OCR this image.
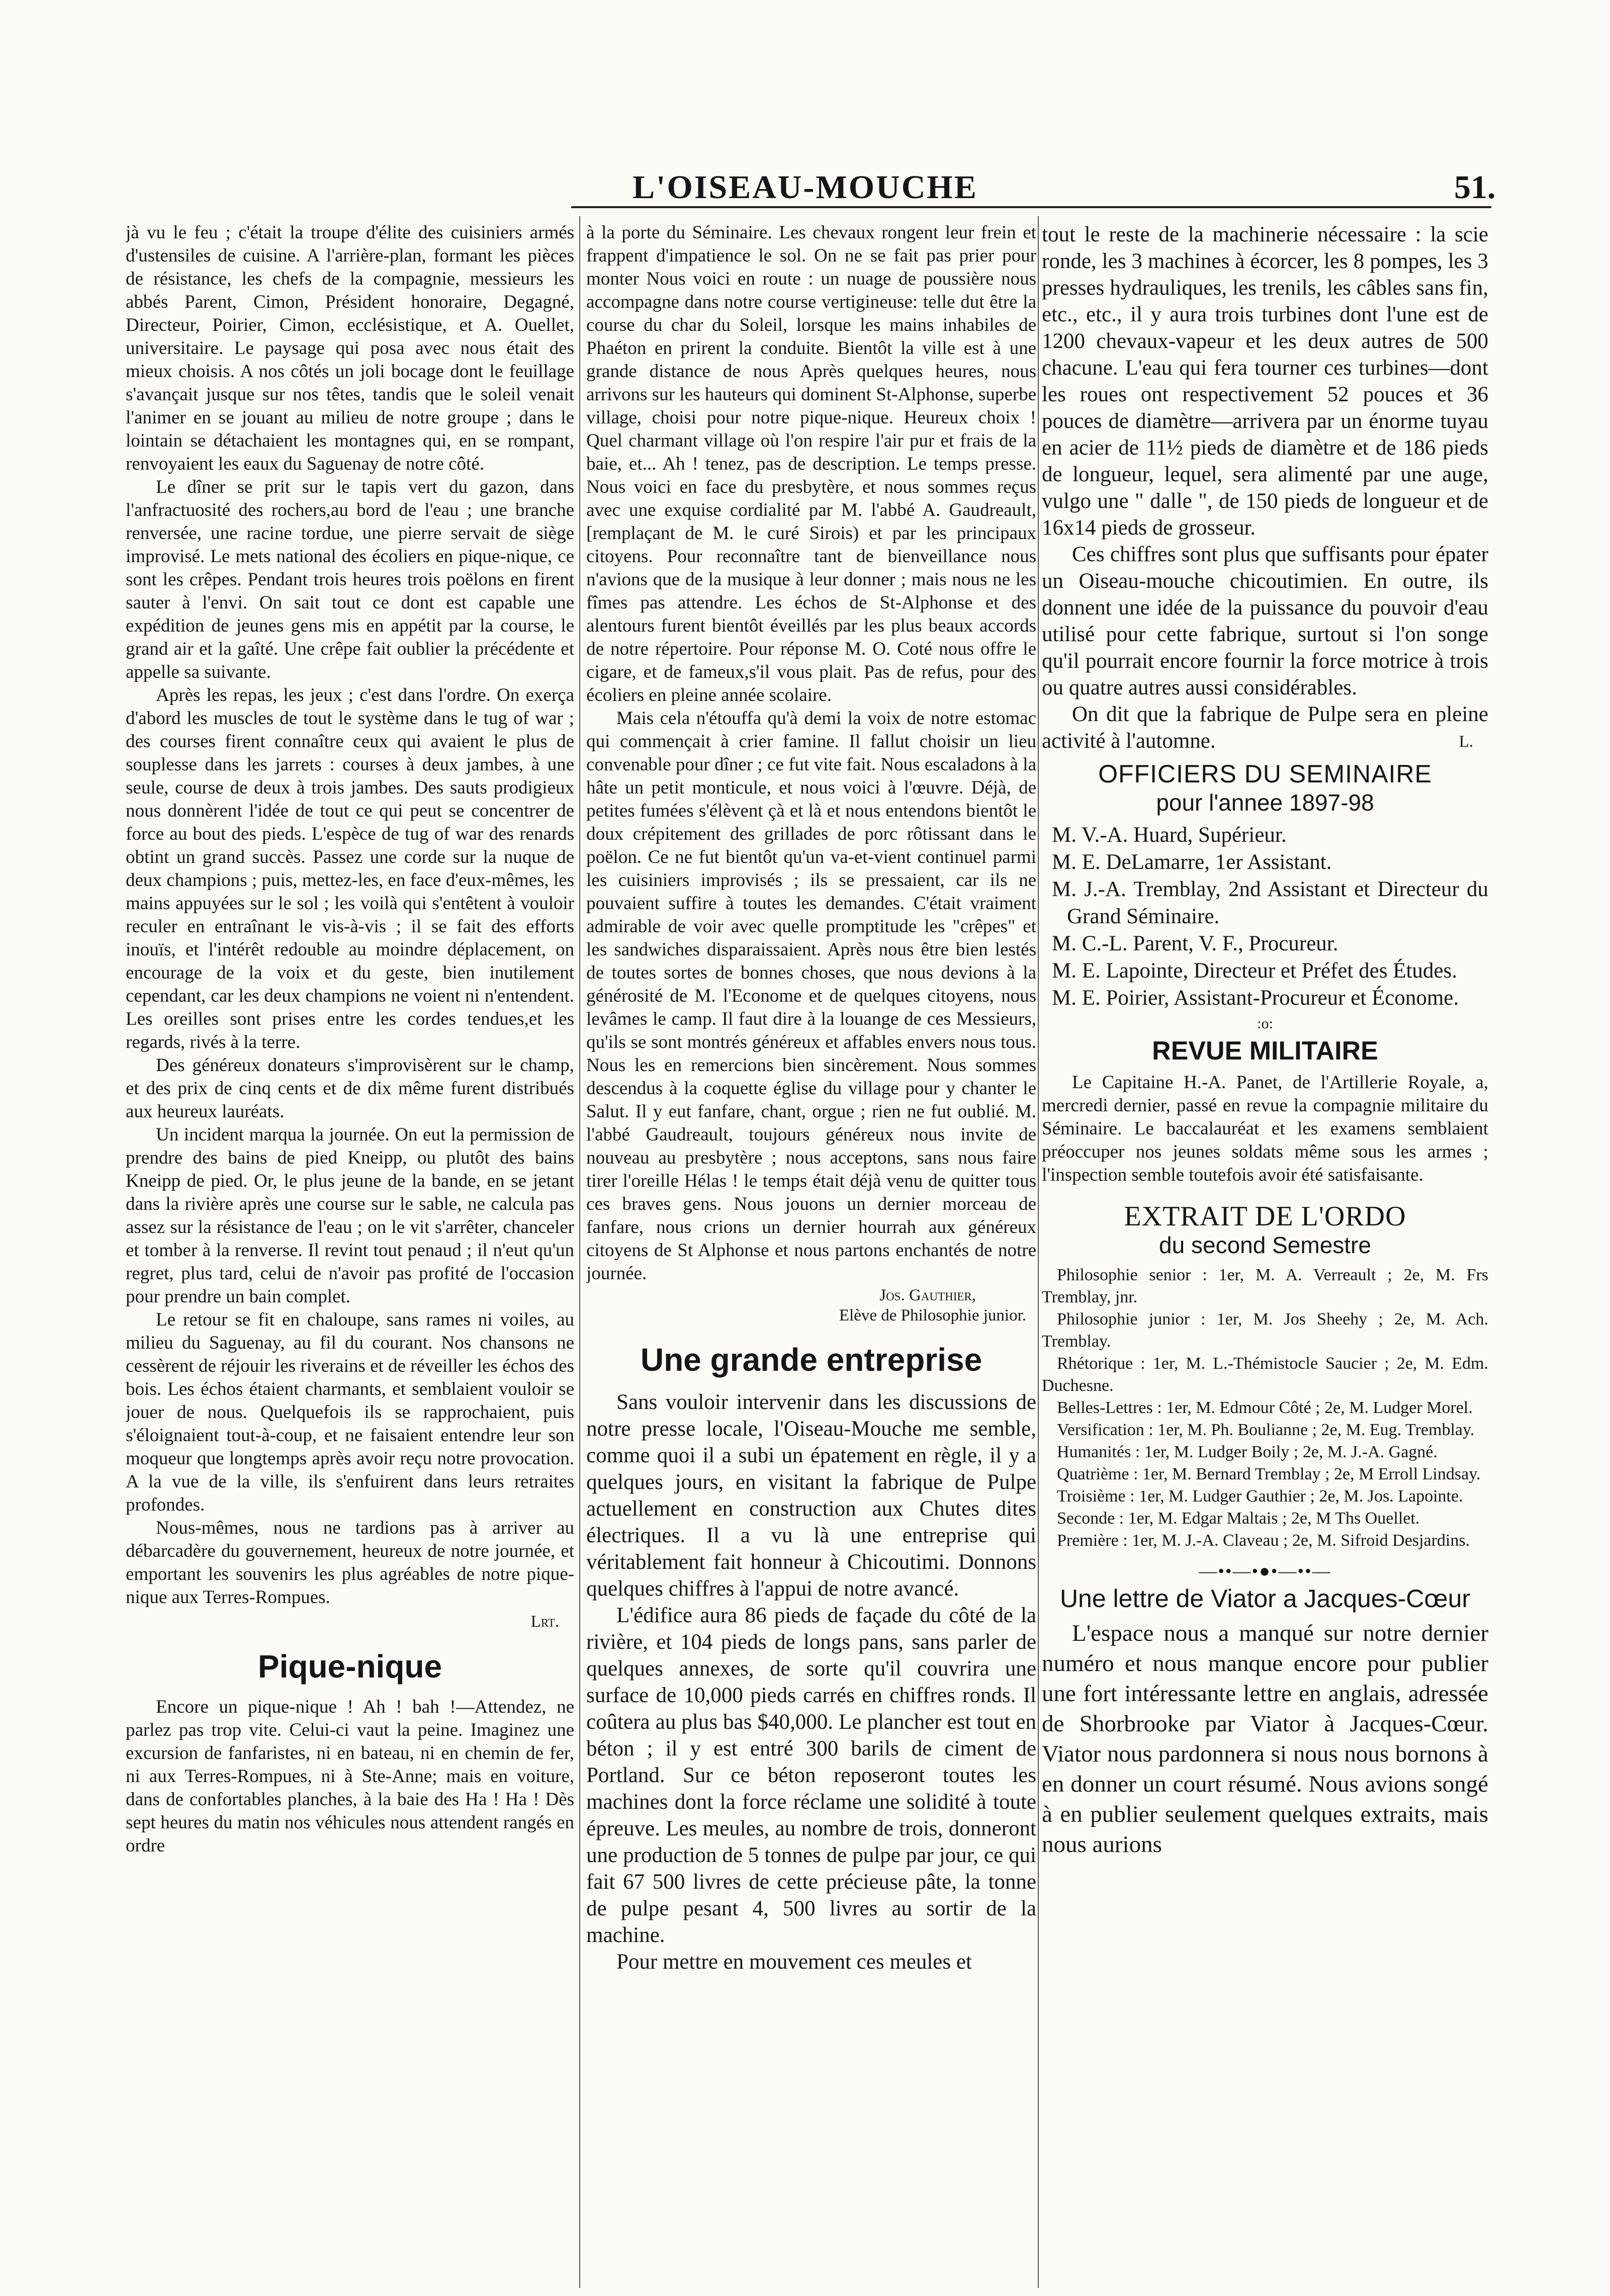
L'OISEAU-MOUCHE	51.

jà vu le feu ; c'était la troupe d'élite des cuisiniers armés d'ustensiles de cuisine. A l'arrière-plan, formant les pièces de résistance, les chefs de la compagnie, messieurs les abbés Parent, Cimon, Président honoraire, Degagné, Directeur, Poirier, Cimon, ecclésistique, et A. Ouellet, universitaire. Le paysage qui posa avec nous était des mieux choisis. A nos côtés un joli bocage dont le feuillage s'avançait jusque sur nos têtes, tandis que le soleil venait l'animer en se jouant au milieu de notre groupe ; dans le lointain se détachaient les montagnes qui, en se rompant, renvoyaient les eaux du Saguenay de notre côté.

Le dîner se prit sur le tapis vert du gazon, dans l'anfractuosité des rochers,au bord de l'eau ; une branche renversée, une racine tordue, une pierre servait de siège improvisé. Le mets national des écoliers en pique-nique, ce sont les crêpes. Pendant trois heures trois poëlons en firent sauter à l'envi. On sait tout ce dont est capable une expédition de jeunes gens mis en appétit par la course, le grand air et la gaîté. Une crêpe fait oublier la précédente et appelle sa suivante.

Après les repas, les jeux ; c'est dans l'ordre. On exerça d'abord les muscles de tout le système dans le tug of war ; des courses firent connaître ceux qui avaient le plus de souplesse dans les jarrets : courses à deux jambes, à une seule, course de deux à trois jambes. Des sauts prodigieux nous donnèrent l'idée de tout ce qui peut se concentrer de force au bout des pieds. L'espèce de tug of war des renards obtint un grand succès. Passez une corde sur la nuque de deux champions ; puis, mettez-les, en face d'eux-mêmes, les mains appuyées sur le sol ; les voilà qui s'entêtent à vouloir reculer en entraînant le vis-à-vis ; il se fait des efforts inouïs, et l'intérêt redouble au moindre déplacement, on encourage de la voix et du geste, bien inutilement cependant, car les deux champions ne voient ni n'entendent. Les oreilles sont prises entre les cordes tendues,et les regards, rivés à la terre.

Des généreux donateurs s'improvisèrent sur le champ, et des prix de cinq cents et de dix même furent distribués aux heureux lauréats.

Un incident marqua la journée. On eut la permission de prendre des bains de pied Kneipp, ou plutôt des bains Kneipp de pied. Or, le plus jeune de la bande, en se jetant dans la rivière après une course sur le sable, ne calcula pas assez sur la résistance de l'eau ; on le vit s'arrêter, chanceler et tomber à la renverse. Il revint tout penaud ; il n'eut qu'un regret, plus tard, celui de n'avoir pas profité de l'occasion pour prendre un bain complet.

Le retour se fit en chaloupe, sans rames ni voiles, au milieu du Saguenay, au fil du courant. Nos chansons ne cessèrent de réjouir les riverains et de réveiller les échos des bois. Les échos étaient charmants, et semblaient vouloir se jouer de nous. Quelquefois ils se rapprochaient, puis s'éloignaient tout-à-coup, et ne faisaient entendre leur son moqueur que longtemps après avoir reçu notre provocation. A la vue de la ville, ils s'enfuirent dans leurs retraites profondes.

Nous-mêmes, nous ne tardions pas à arriver au débarcadère du gouvernement, heureux de notre journée, et emportant les souvenirs les plus agréables de notre pique-nique aux Terres-Rompues.

Lrt.

Pique-nique

Encore un pique-nique ! Ah ! bah !—Attendez, ne parlez pas trop vite. Celui-ci vaut la peine. Imaginez une excursion de fanfaristes, ni en bateau, ni en chemin de fer, ni aux Terres-Rompues, ni à Ste-Anne; mais en voiture, dans de confortables planches, à la baie des Ha ! Ha ! Dès sept heures du matin nos véhicules nous attendent rangés en ordre

à la porte du Séminaire. Les chevaux rongent leur frein et frappent d'impatience le sol. On ne se fait pas prier pour monter Nous voici en route : un nuage de poussière nous accompagne dans notre course vertigineuse: telle dut être la course du char du Soleil, lorsque les mains inhabiles de Phaéton en prirent la conduite. Bientôt la ville est à une grande distance de nous Après quelques heures, nous arrivons sur les hauteurs qui dominent St-Alphonse, superbe village, choisi pour notre pique-nique. Heureux choix ! Quel charmant village où l'on respire l'air pur et frais de la baie, et... Ah ! tenez, pas de description. Le temps presse. Nous voici en face du presbytère, et nous sommes reçus avec une exquise cordialité par M. l'abbé A. Gaudreault, [remplaçant de M. le curé Sirois) et par les principaux citoyens. Pour reconnaître tant de bienveillance nous n'avions que de la musique à leur donner ; mais nous ne les fîmes pas attendre. Les échos de St-Alphonse et des alentours furent bientôt éveillés par les plus beaux accords de notre répertoire. Pour réponse M. O. Coté nous offre le cigare, et de fameux,s'il vous plait. Pas de refus, pour des écoliers en pleine année scolaire.

Mais cela n'étouffa qu'à demi la voix de notre estomac qui commençait à crier famine. Il fallut choisir un lieu convenable pour dîner ; ce fut vite fait. Nous escaladons à la hâte un petit monticule, et nous voici à l'œuvre. Déjà, de petites fumées s'élèvent çà et là et nous entendons bientôt le doux crépitement des grillades de porc rôtissant dans le poëlon. Ce ne fut bientôt qu'un va-et-vient continuel parmi les cuisiniers improvisés ; ils se pressaient, car ils ne pouvaient suffire à toutes les demandes. C'était vraiment admirable de voir avec quelle promptitude les "crêpes" et les sandwiches disparaissaient. Après nous être bien lestés de toutes sortes de bonnes choses, que nous devions à la générosité de M. l'Econome et de quelques citoyens, nous levâmes le camp. Il faut dire à la louange de ces Messieurs, qu'ils se sont montrés généreux et affables envers nous tous. Nous les en remercions bien sincèrement. Nous sommes descendus à la coquette église du village pour y chanter le Salut. Il y eut fanfare, chant, orgue ; rien ne fut oublié. M. l'abbé Gaudreault, toujours généreux nous invite de nouveau au presbytère ; nous acceptons, sans nous faire tirer l'oreille Hélas ! le temps était déjà venu de quitter tous ces braves gens. Nous jouons un dernier morceau de fanfare, nous crions un dernier hourrah aux généreux citoyens de St Alphonse et nous partons enchantés de notre journée.

Jos. Gauthier,

Elève de Philosophie junior.

Une grande entreprise

Sans vouloir intervenir dans les discussions de notre presse locale, l'Oiseau-Mouche me semble, comme quoi il a subi un épatement en règle, il y a quelques jours, en visitant la fabrique de Pulpe actuellement en construction aux Chutes dites électriques. Il a vu là une entreprise qui véritablement fait honneur à Chicoutimi. Donnons quelques chiffres à l'appui de notre avancé.

L'édifice aura 86 pieds de façade du côté de la rivière, et 104 pieds de longs pans, sans parler de quelques annexes, de sorte qu'il couvrira une surface de 10,000 pieds carrés en chiffres ronds. Il coûtera au plus bas $40,000. Le plancher est tout en béton ; il y est entré 300 barils de ciment de Portland. Sur ce béton reposeront toutes les machines dont la force réclame une solidité à toute épreuve. Les meules, au nombre de trois, donneront une production de 5 tonnes de pulpe par jour, ce qui fait 67 500 livres de cette précieuse pâte, la tonne de pulpe pesant 4, 500 livres au sortir de la machine.

Pour mettre en mouvement ces meules et

tout le reste de la machinerie nécessaire : la scie ronde, les 3 machines à écorcer, les 8 pompes, les 3 presses hydrauliques, les trenils, les câbles sans fin, etc., etc., il y aura trois turbines dont l'une est de 1200 chevaux-vapeur et les deux autres de 500 chacune. L'eau qui fera tourner ces turbines—dont les roues ont respectivement 52 pouces et 36 pouces de diamètre—arrivera par un énorme tuyau en acier de 11½ pieds de diamètre et de 186 pieds de longueur, lequel, sera alimenté par une auge, vulgo une " dalle ", de 150 pieds de longueur et de 16x14 pieds de grosseur.

Ces chiffres sont plus que suffisants pour épater un Oiseau-mouche chicoutimien. En outre, ils donnent une idée de la puissance du pouvoir d'eau utilisé pour cette fabrique, surtout si l'on songe qu'il pourrait encore fournir la force motrice à trois ou quatre autres aussi considérables.

On dit que la fabrique de Pulpe sera en pleine activité à l'automne.	L.

OFFICIERS DU SEMINAIRE
pour l'annee 1897-98

M. V.-A. Huard, Supérieur.

M. E. DeLamarre, 1er Assistant.

M. J.-A. Tremblay, 2nd Assistant et Directeur du Grand Séminaire.

M. C.-L. Parent, V. F., Procureur.

M. E. Lapointe, Directeur et Préfet des Études.

M. E. Poirier, Assistant-Procureur et Économe.

:o:

REVUE MILITAIRE

Le Capitaine H.-A. Panet, de l'Artillerie Royale, a, mercredi dernier, passé en revue la compagnie militaire du Séminaire. Le baccalauréat et les examens semblaient préoccuper nos jeunes soldats même sous les armes ; l'inspection semble toutefois avoir été satisfaisante.

EXTRAIT DE L'ORDO
du second Semestre

Philosophie senior : 1er, M. A. Verreault ; 2e, M. Frs Tremblay, jnr.

Philosophie junior : 1er, M. Jos Sheehy ; 2e, M. Ach. Tremblay.

Rhétorique : 1er, M. L.-Thémistocle Saucier ; 2e, M. Edm. Duchesne.

Belles-Lettres : 1er, M. Edmour Côté ; 2e, M. Ludger Morel.

Versification : 1er, M. Ph. Boulianne ; 2e, M. Eug. Tremblay.

Humanités : 1er, M. Ludger Boily ; 2e, M. J.-A. Gagné.

Quatrième : 1er, M. Bernard Tremblay ; 2e, M Erroll Lindsay.

Troisième : 1er, M. Ludger Gauthier ; 2e, M. Jos. Lapointe.

Seconde : 1er, M. Edgar Maltais ; 2e, M Ths Ouellet.

Première : 1er, M. J.-A. Claveau ; 2e, M. Sifroid Desjardins.

—••—•●•—••—

Une lettre de Viator a Jacques-Cœur

L'espace nous a manqué sur notre dernier numéro et nous manque encore pour publier une fort intéressante lettre en anglais, adressée de Shorbrooke par Viator à Jacques-Cœur. Viator nous pardonnera si nous nous bornons à en donner un court résumé. Nous avions songé à en publier seulement quelques extraits, mais nous aurions
